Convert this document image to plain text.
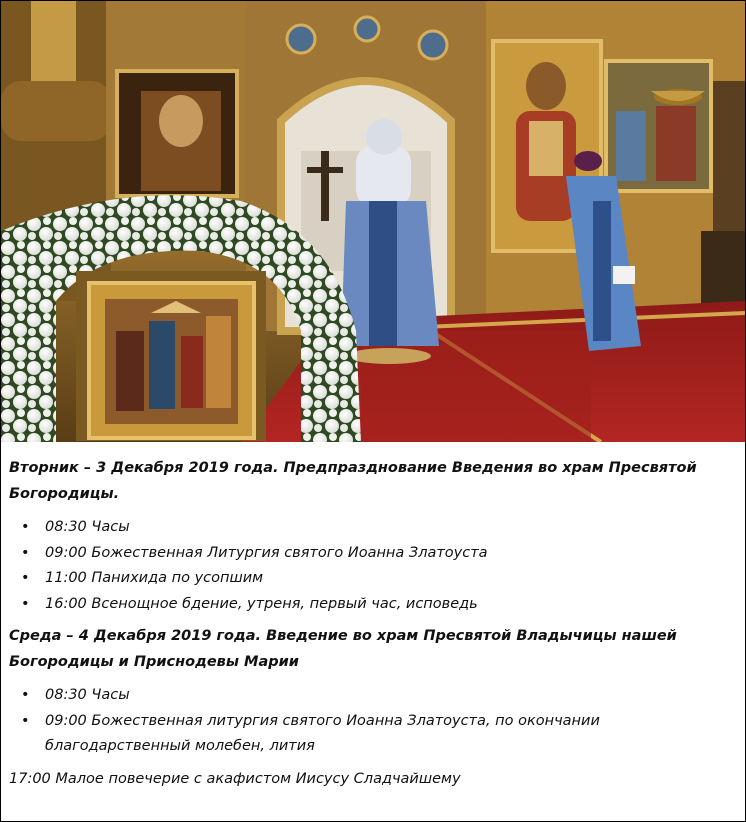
Вторник – 3 Декабря 2019 года. Предпразднование Введения во храм Пресвятой Богородицы.

• 08:30 Часы
• 09:00 Божественная Литургия святого Иоанна Златоуста
• 11:00 Панихида по усопшим
• 16:00 Всенощное бдение, утреня, первый час, исповедь

Среда – 4 Декабря 2019 года. Введение во храм Пресвятой Владычицы нашей Богородицы и Приснодевы Марии

• 08:30 Часы
• 09:00 Божественная литургия святого Иоанна Златоуста, по окончании благодарственный молебен, лития

17:00 Малое повечерие с акафистом Иисусу Сладчайшему
